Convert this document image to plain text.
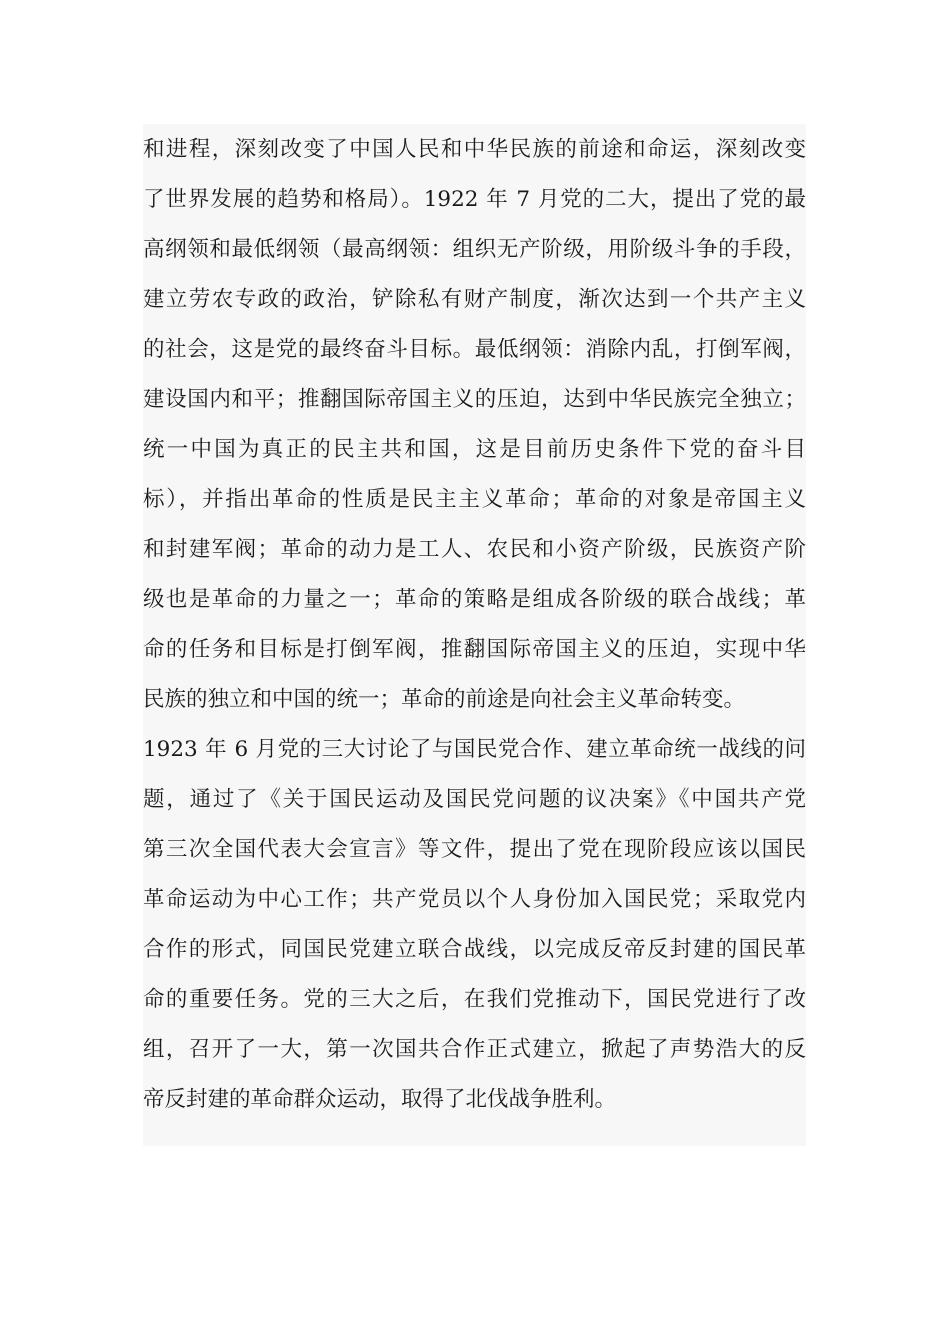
和进程，深刻改变了中国人民和中华民族的前途和命运，深刻改变
了世界发展的趋势和格局）。1922 年 7 月党的二大，提出了党的最
高纲领和最低纲领（最高纲领：组织无产阶级，用阶级斗争的手段，
建立劳农专政的政治，铲除私有财产制度，渐次达到一个共产主义
的社会，这是党的最终奋斗目标。最低纲领：消除内乱，打倒军阀，
建设国内和平；推翻国际帝国主义的压迫，达到中华民族完全独立；
统一中国为真正的民主共和国，这是目前历史条件下党的奋斗目
标），并指出革命的性质是民主主义革命；革命的对象是帝国主义
和封建军阀；革命的动力是工人、农民和小资产阶级，民族资产阶
级也是革命的力量之一；革命的策略是组成各阶级的联合战线；革
命的任务和目标是打倒军阀，推翻国际帝国主义的压迫，实现中华
民族的独立和中国的统一；革命的前途是向社会主义革命转变。
1923 年 6 月党的三大讨论了与国民党合作、建立革命统一战线的问
题，通过了《关于国民运动及国民党问题的议决案》《中国共产党
第三次全国代表大会宣言》等文件，提出了党在现阶段应该以国民
革命运动为中心工作；共产党员以个人身份加入国民党；采取党内
合作的形式，同国民党建立联合战线，以完成反帝反封建的国民革
命的重要任务。党的三大之后，在我们党推动下，国民党进行了改
组，召开了一大，第一次国共合作正式建立，掀起了声势浩大的反
帝反封建的革命群众运动，取得了北伐战争胜利。
